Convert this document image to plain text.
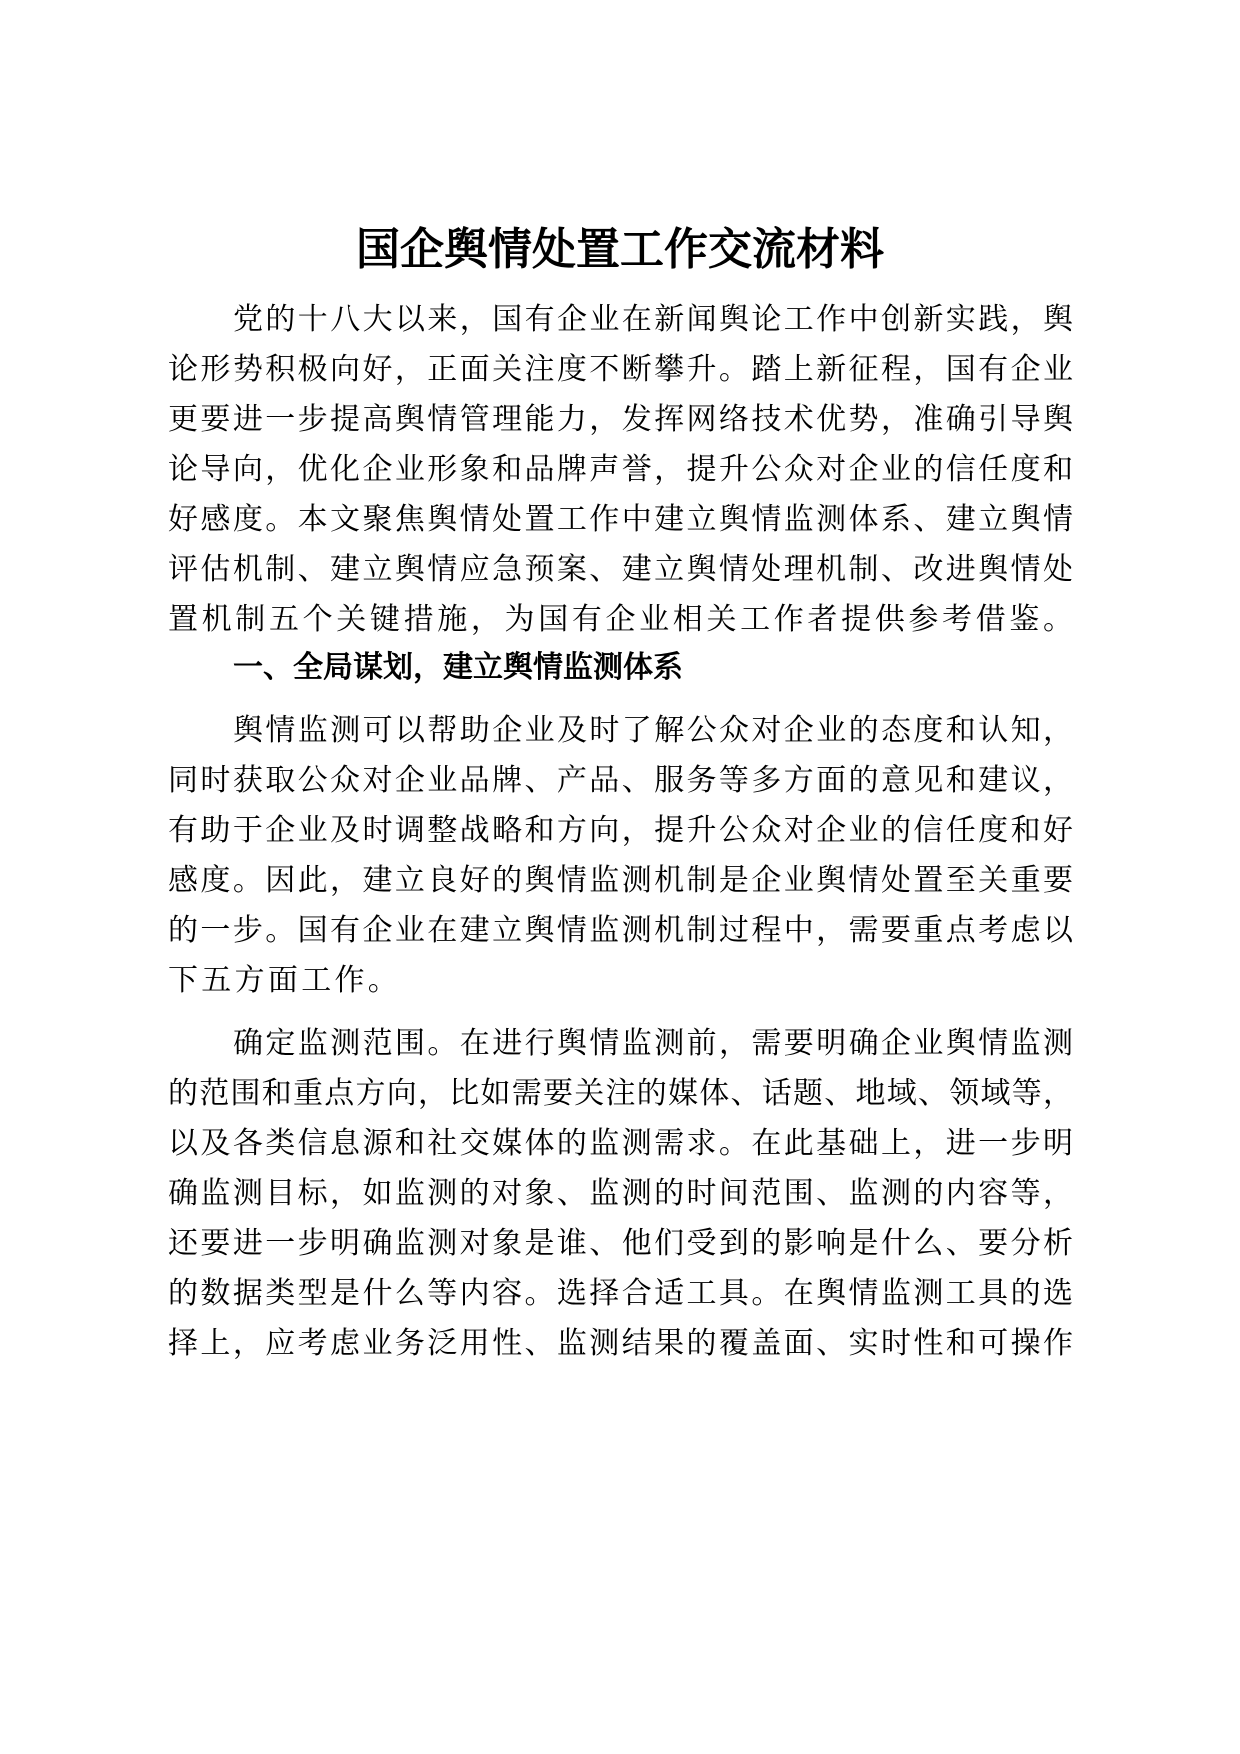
国企舆情处置工作交流材料

党的十八大以来，国有企业在新闻舆论工作中创新实践，舆

论形势积极向好，正面关注度不断攀升。踏上新征程，国有企业

更要进一步提高舆情管理能力，发挥网络技术优势，准确引导舆

论导向，优化企业形象和品牌声誉，提升公众对企业的信任度和

好感度。本文聚焦舆情处置工作中建立舆情监测体系、建立舆情

评估机制、建立舆情应急预案、建立舆情处理机制、改进舆情处

置机制五个关键措施，为国有企业相关工作者提供参考借鉴。

一、全局谋划，建立舆情监测体系

舆情监测可以帮助企业及时了解公众对企业的态度和认知，

同时获取公众对企业品牌、产品、服务等多方面的意见和建议，

有助于企业及时调整战略和方向，提升公众对企业的信任度和好

感度。因此，建立良好的舆情监测机制是企业舆情处置至关重要

的一步。国有企业在建立舆情监测机制过程中，需要重点考虑以

下五方面工作。

确定监测范围。在进行舆情监测前，需要明确企业舆情监测

的范围和重点方向，比如需要关注的媒体、话题、地域、领域等，

以及各类信息源和社交媒体的监测需求。在此基础上，进一步明

确监测目标，如监测的对象、监测的时间范围、监测的内容等，

还要进一步明确监测对象是谁、他们受到的影响是什么、要分析

的数据类型是什么等内容。选择合适工具。在舆情监测工具的选

择上，应考虑业务泛用性、监测结果的覆盖面、实时性和可操作
